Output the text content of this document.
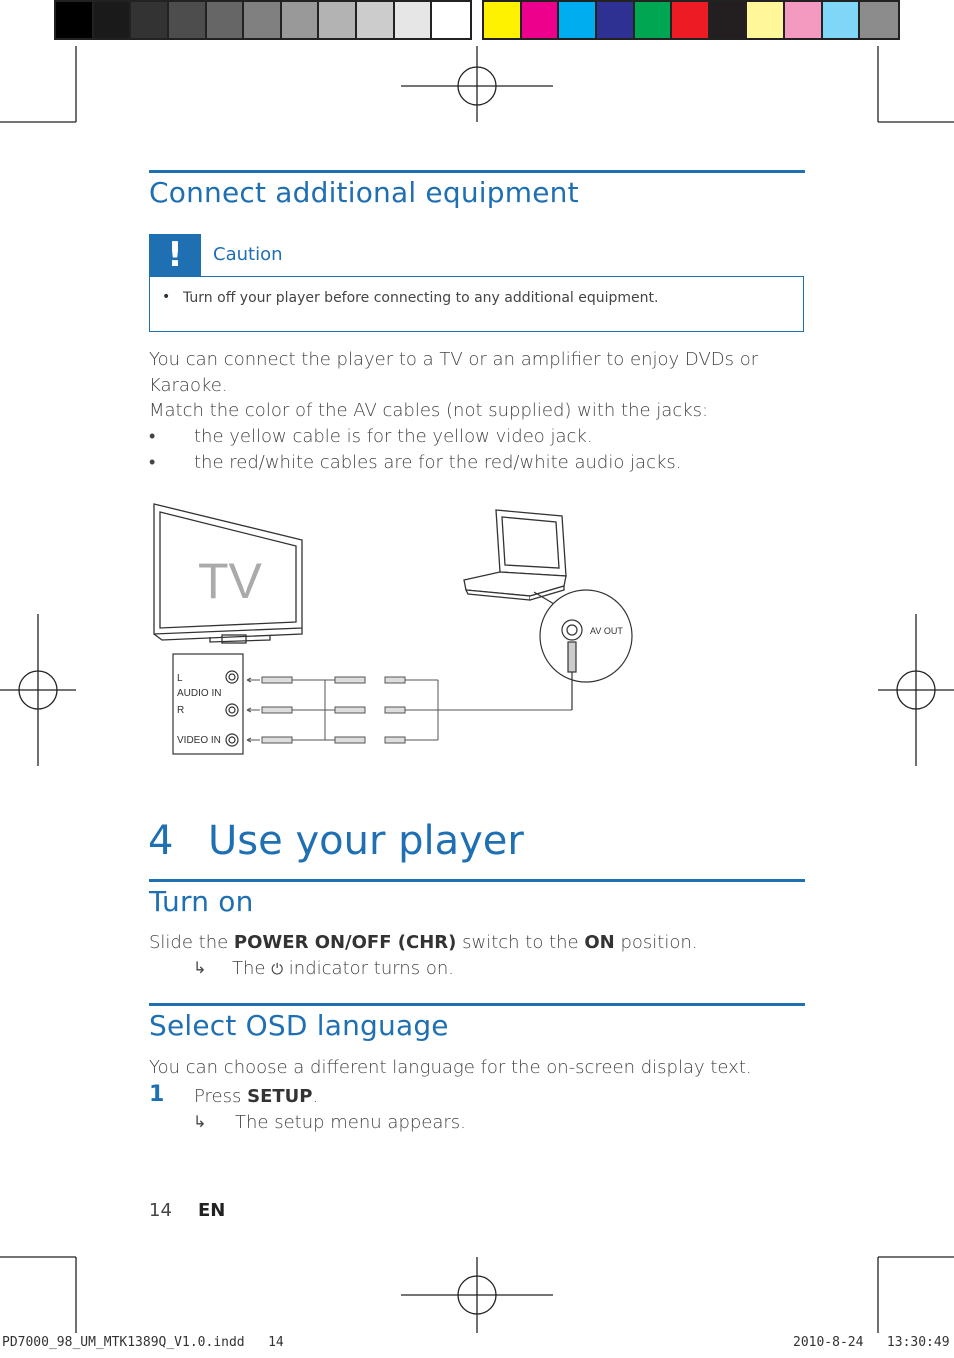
Connect additional equipment
!	Caution
• Turn off your player before connecting to any additional equipment.
You can connect the player to a TV or an amplifier to enjoy DVDs or
Karaoke.
Match the color of the AV cables (not supplied) with the jacks:
• the yellow cable is for the yellow video jack.
• the red/white cables are for the red/white audio jacks.
TV
L
AUDIO IN
R
VIDEO IN
AV OUT
4 Use your player
Turn on
Slide the POWER ON/OFF (CHR) switch to the ON position.
↳ The ⏻ indicator turns on.
Select OSD language
You can choose a different language for the on-screen display text.
1 Press SETUP.
↳ The setup menu appears.
14 EN
PD7000_98_UM_MTK1389Q_V1.0.indd   14	2010-8-24   13:30:49
